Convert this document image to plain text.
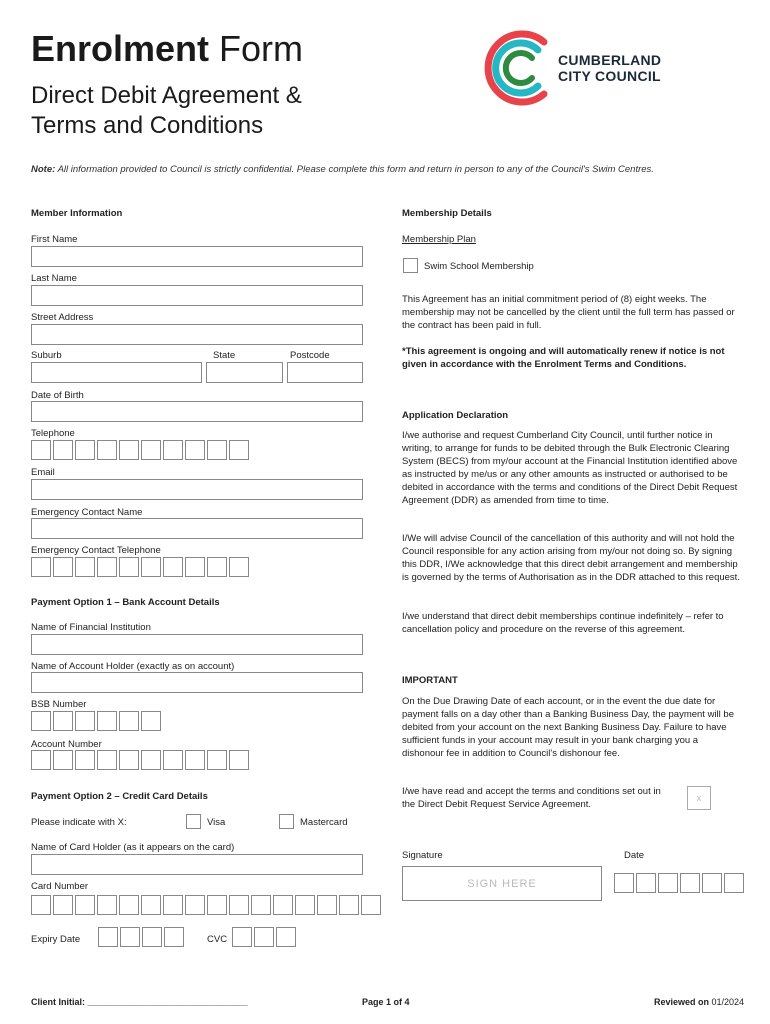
Enrolment Form
Direct Debit Agreement &
Terms and Conditions
CUMBERLAND
CITY COUNCIL
Note: All information provided to Council is strictly confidential. Please complete this form and return in person to any of the Council's Swim Centres.
Member Information
First Name
Last Name
Street Address
Suburb	State	Postcode
Date of Birth
Telephone
Email
Emergency Contact Name
Emergency Contact Telephone
Payment Option 1 – Bank Account Details
Name of Financial Institution
Name of Account Holder (exactly as on account)
BSB Number
Account Number
Payment Option 2 – Credit Card Details
Please indicate with X:	Visa	Mastercard
Name of Card Holder (as it appears on the card)
Card Number
Expiry Date	CVC
Membership Details
Membership Plan
Swim School Membership
This Agreement has an initial commitment period of (8) eight weeks. The membership may not be cancelled by the client until the full term has passed or the contract has been paid in full.
*This agreement is ongoing and will automatically renew if notice is not given in accordance with the Enrolment Terms and Conditions.
Application Declaration
I/we authorise and request Cumberland City Council, until further notice in writing, to arrange for funds to be debited through the Bulk Electronic Clearing System (BECS) from my/our account at the Financial Institution identified above as instructed by me/us or any other amounts as instructed or authorised to be debited in accordance with the terms and conditions of the Direct Debit Request Agreement (DDR) as amended from time to time.
I/We will advise Council of the cancellation of this authority and will not hold the Council responsible for any action arising from my/our not doing so. By signing this DDR, I/We acknowledge that this direct debit arrangement and membership is governed by the terms of Authorisation as in the DDR attached to this request.
I/we understand that direct debit memberships continue indefinitely – refer to cancellation policy and procedure on the reverse of this agreement.
IMPORTANT
On the Due Drawing Date of each account, or in the event the due date for payment falls on a day other than a Banking Business Day, the payment will be debited from your account on the next Banking Business Day. Failure to have sufficient funds in your account may result in your bank charging you a dishonour fee in addition to Council's dishonour fee.
I/we have read and accept the terms and conditions set out in the Direct Debit Request Service Agreement.
x
Signature	Date
SIGN HERE
Client Initial: ________________________________	Page 1 of 4	Reviewed on 01/2024
